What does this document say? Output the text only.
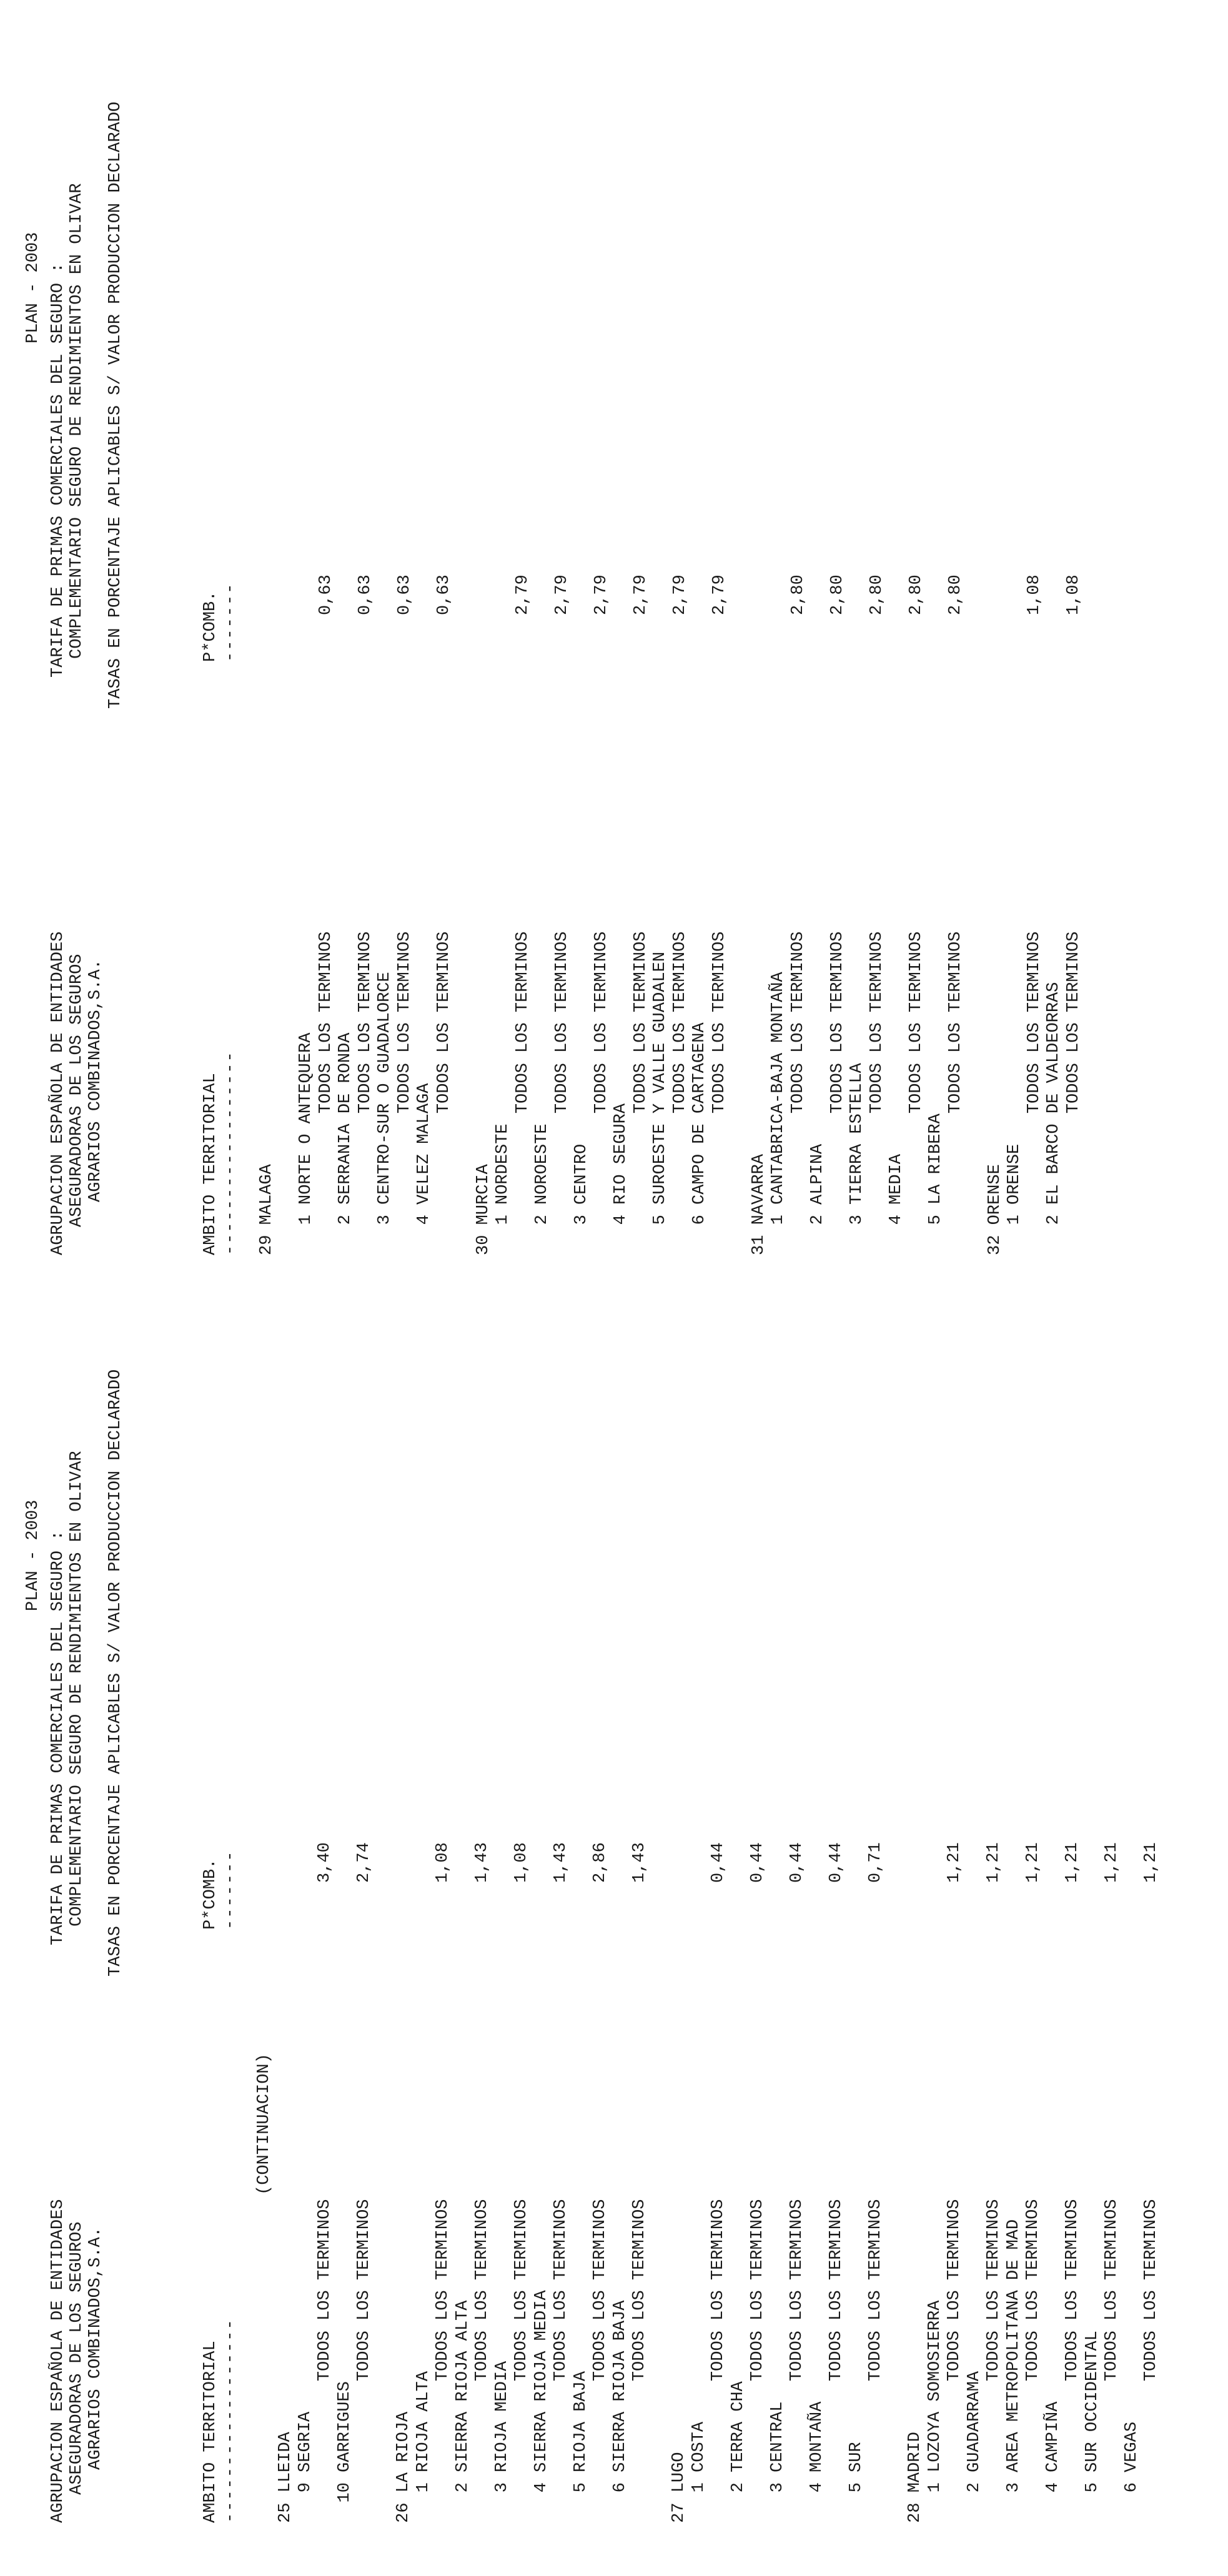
AGRUPACION ESPAÑOLA DE ENTIDADES ASEGURADORAS DE LOS SEGUROS AGRARIOS COMBINADOS,S.A.
TARIFA DE PRIMAS COMERCIALES DEL SEGURO : COMPLEMENTARIO SEGURO DE RENDIMIENTOS EN OLIVAR TASAS EN PORCENTAJE APLICABLES S/ VALOR PRODUCCION DECLARADO
PLAN - 2003
AMBITO TERRITORIAL ------------------
P*COMB. -------
(CONTINUACION)
25 LLEIDA 9 SEGRIA TODOS LOS TERMINOS
3,40
10 GARRIGUES TODOS LOS TERMINOS
2,74
26 LA RIOJA 1 RIOJA ALTA TODOS LOS TERMINOS
1,08
2 SIERRA RIOJA ALTA TODOS LOS TERMINOS
1,43
3 RIOJA MEDIA TODOS LOS TERMINOS
1,08
4 SIERRA RIOJA MEDIA TODOS LOS TERMINOS
1,43
5 RIOJA BAJA TODOS LOS TERMINOS
2,86
6 SIERRA RIOJA BAJA TODOS LOS TERMINOS
1,43
27 LUGO 1 COSTA TODOS LOS TERMINOS
0,44
2 TERRA CHA TODOS LOS TERMINOS
0,44
3 CENTRAL TODOS LOS TERMINOS
0,44
4 MONTAÑA TODOS LOS TERMINOS
0,44
5 SUR TODOS LOS TERMINOS
0,71
28 MADRID 1 LOZOYA SOMOSIERRA TODOS LOS TERMINOS
1,21
2 GUADARRAMA TODOS LOS TERMINOS
1,21
3 AREA METROPOLITANA DE MAD TODOS LOS TERMINOS
1,21
4 CAMPIÑA TODOS LOS TERMINOS
1,21
5 SUR OCCIDENTAL TODOS LOS TERMINOS
1,21
6 VEGAS TODOS LOS TERMINOS
1,21
AGRUPACION ESPAÑOLA DE ENTIDADES ASEGURADORAS DE LOS SEGUROS AGRARIOS COMBINADOS,S.A.
TARIFA DE PRIMAS COMERCIALES DEL SEGURO : COMPLEMENTARIO SEGURO DE RENDIMIENTOS EN OLIVAR TASAS EN PORCENTAJE APLICABLES S/ VALOR PRODUCCION DECLARADO
PLAN - 2003
AMBITO TERRITORIAL ------------------
P*COMB. -------
29 MALAGA 1 NORTE O ANTEQUERA TODOS LOS TERMINOS
0,63
2 SERRANIA DE RONDA TODOS LOS TERMINOS
0,63
3 CENTRO-SUR O GUADALORCE TODOS LOS TERMINOS
0,63
4 VELEZ MALAGA TODOS LOS TERMINOS
0,63
30 MURCIA 1 NORDESTE TODOS LOS TERMINOS
2,79
2 NOROESTE TODOS LOS TERMINOS
2,79
3 CENTRO TODOS LOS TERMINOS
2,79
4 RIO SEGURA TODOS LOS TERMINOS
2,79
5 SUROESTE Y VALLE GUADALEN TODOS LOS TERMINOS
2,79
6 CAMPO DE CARTAGENA TODOS LOS TERMINOS
2,79
31 NAVARRA 1 CANTABRICA-BAJA MONTAÑA TODOS LOS TERMINOS
2,80
2 ALPINA TODOS LOS TERMINOS
2,80
3 TIERRA ESTELLA TODOS LOS TERMINOS
2,80
4 MEDIA TODOS LOS TERMINOS
2,80
5 LA RIBERA TODOS LOS TERMINOS
2,80
32 ORENSE 1 ORENSE TODOS LOS TERMINOS
1,08
2 EL BARCO DE VALDEORRAS TODOS LOS TERMINOS
1,08
